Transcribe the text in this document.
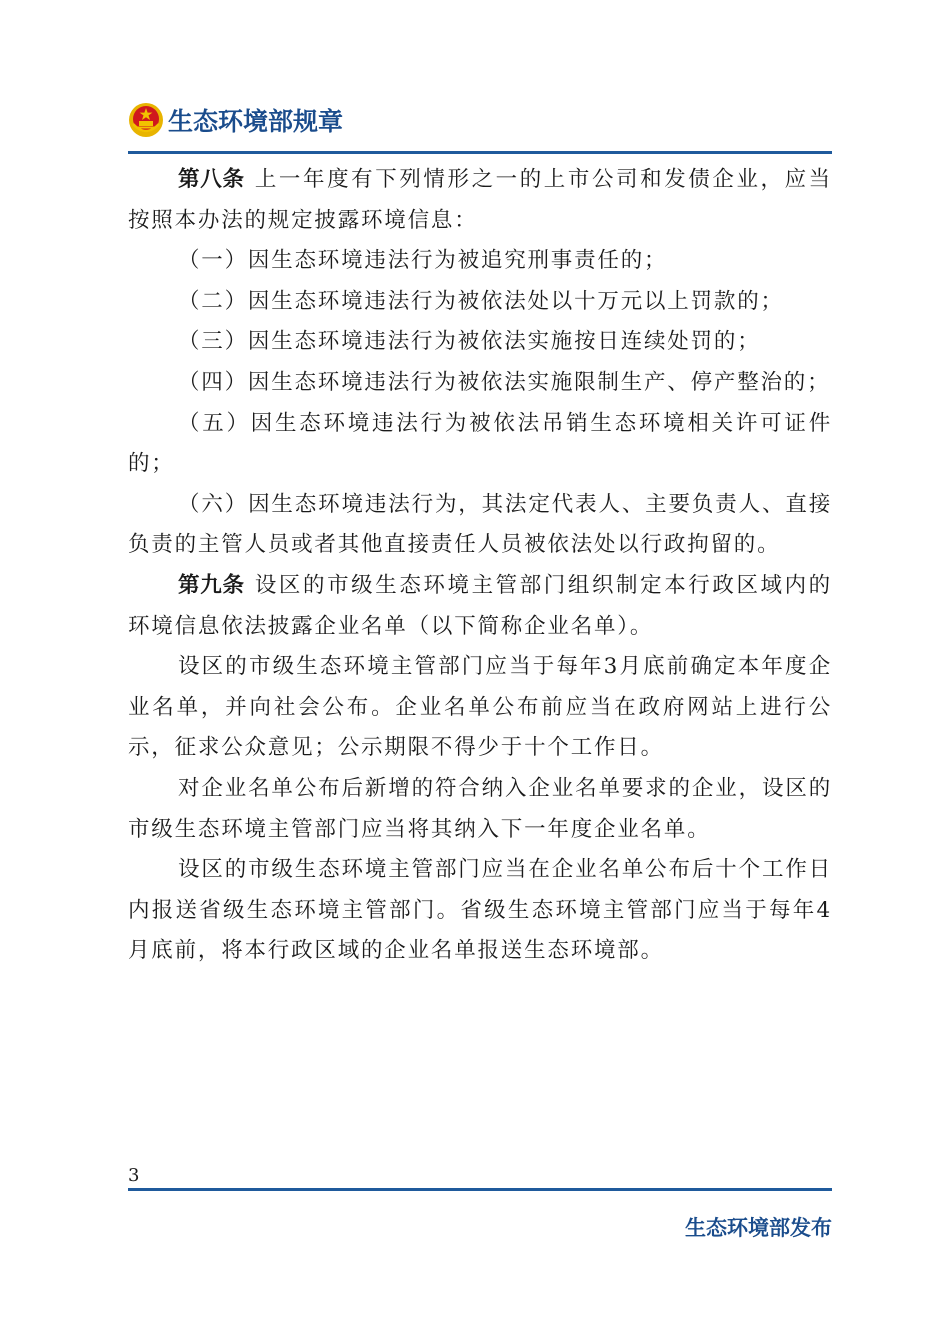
生态环境部规章

第八条 上一年度有下列情形之一的上市公司和发债企业，应当按照本办法的规定披露环境信息：

（一）因生态环境违法行为被追究刑事责任的；

（二）因生态环境违法行为被依法处以十万元以上罚款的；

（三）因生态环境违法行为被依法实施按日连续处罚的；

（四）因生态环境违法行为被依法实施限制生产、停产整治的；

（五）因生态环境违法行为被依法吊销生态环境相关许可证件的；

（六）因生态环境违法行为，其法定代表人、主要负责人、直接负责的主管人员或者其他直接责任人员被依法处以行政拘留的。

第九条 设区的市级生态环境主管部门组织制定本行政区域内的环境信息依法披露企业名单（以下简称企业名单）。

设区的市级生态环境主管部门应当于每年3月底前确定本年度企业名单，并向社会公布。企业名单公布前应当在政府网站上进行公示，征求公众意见；公示期限不得少于十个工作日。

对企业名单公布后新增的符合纳入企业名单要求的企业，设区的市级生态环境主管部门应当将其纳入下一年度企业名单。

设区的市级生态环境主管部门应当在企业名单公布后十个工作日内报送省级生态环境主管部门。省级生态环境主管部门应当于每年4月底前，将本行政区域的企业名单报送生态环境部。

3
生态环境部发布
